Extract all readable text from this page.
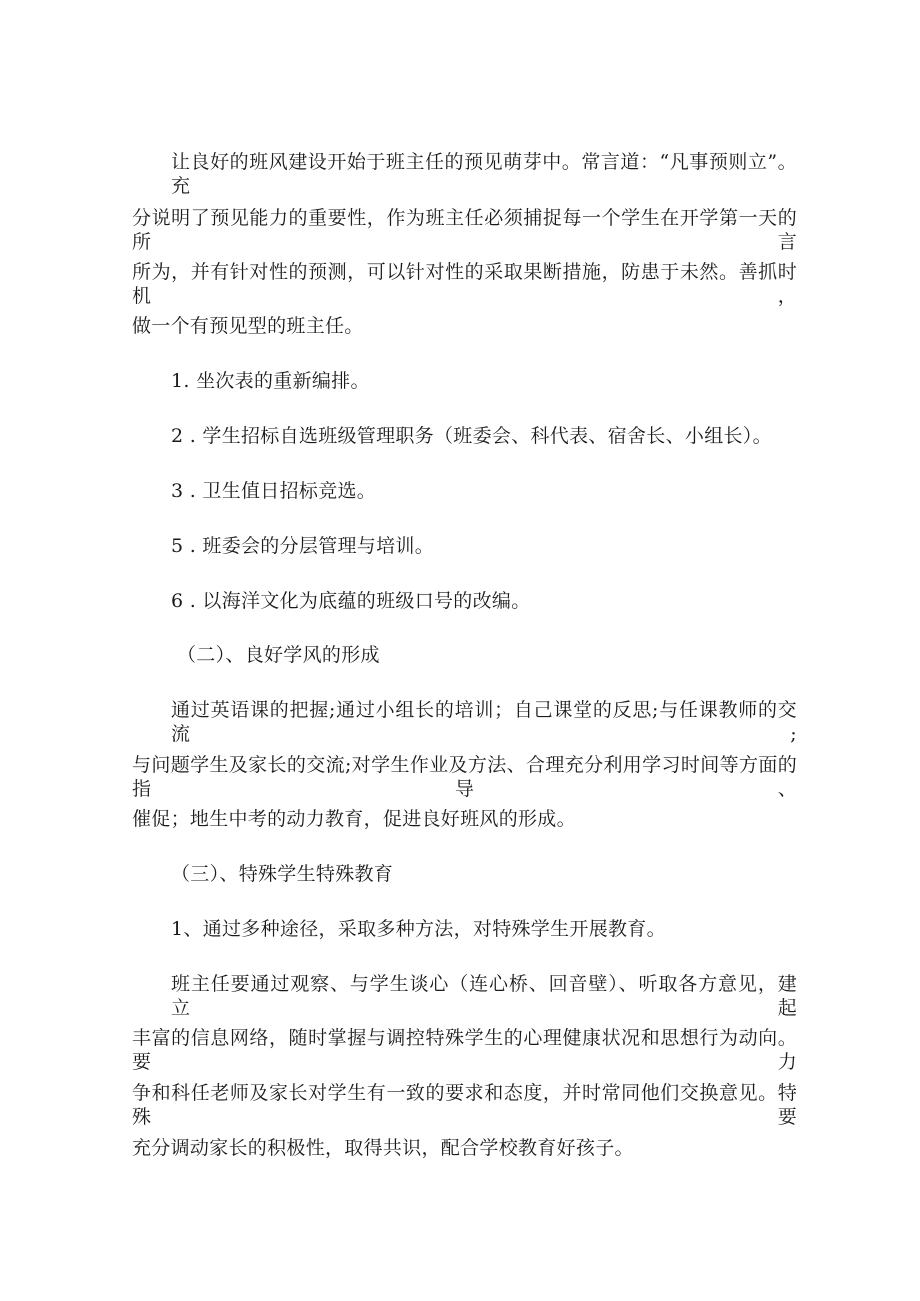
让良好的班风建设开始于班主任的预见萌芽中。常言道：“凡事预则立”。充
分说明了预见能力的重要性，作为班主任必须捕捉每一个学生在开学第一天的所言
所为，并有针对性的预测，可以针对性的采取果断措施，防患于未然。善抓时机，
做一个有预见型的班主任。
1. 坐次表的重新编排。
2 . 学生招标自选班级管理职务（班委会、科代表、宿舍长、小组长）。
3 . 卫生值日招标竞选。
5 . 班委会的分层管理与培训。
6 . 以海洋文化为底蕴的班级口号的改编。
（二）、良好学风的形成
通过英语课的把握;通过小组长的培训；自己课堂的反思;与任课教师的交流;
与问题学生及家长的交流;对学生作业及方法、合理充分利用学习时间等方面的指导、
催促；地生中考的动力教育，促进良好班风的形成。
（三）、特殊学生特殊教育
1、通过多种途径，采取多种方法，对特殊学生开展教育。
班主任要通过观察、与学生谈心（连心桥、回音壁）、听取各方意见，建立起
丰富的信息网络，随时掌握与调控特殊学生的心理健康状况和思想行为动向。要力
争和科任老师及家长对学生有一致的要求和态度，并时常同他们交换意见。特殊要
充分调动家长的积极性，取得共识，配合学校教育好孩子。
